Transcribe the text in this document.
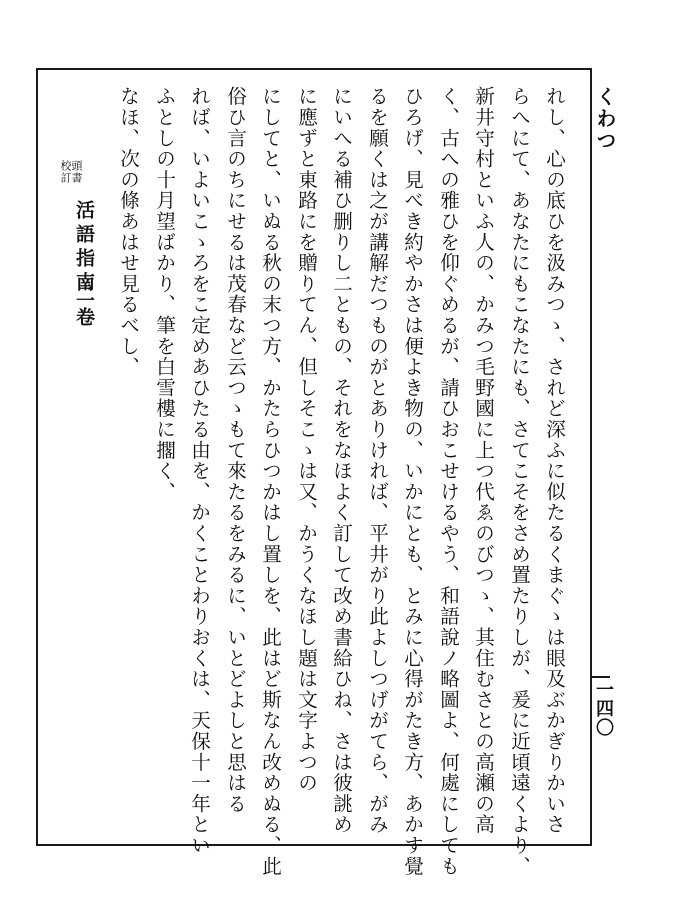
くわつ
一四〇
れし、心の底ひを汲みつゝ、されど深ふに似たるくまぐゝは眼及ぶかぎりかいさ
らへにて、あなたにもこなたにも、さてこそをさめ置たりしが、爰に近頃遠くより、
新井守村といふ人の、かみつ毛野國に上つ代ゑのびつゝ、其住むさとの高瀬の高
く、古への雅ひを仰ぐめるが、請ひおこせけるやう、和語說ノ略圖よ、何處にしても
ひろげ、見べき約やかさは便よき物の、いかにとも、とみに心得がたき方、あかす覺
るを願くは之が講解だつものがとありければ、平井がり此よしつげがてら、がみ
にいへる補ひ删りし二ともの、それをなほよく訂して改め書給ひね、さは彼誂め
に應ずと東路にを贈りてん、但しそこゝは又、かうくなほし題は文字よつの
にしてと、いぬる秋の末つ方、かたらひつかはし置しを、此はど斯なん改めぬる、此
俗ひ言のちにせるは茂春など云つゝもて來たるをみるに、いとどよしと思はる
れば、いよいこゝろをこ定めあひたる由を、かくことわりおくは、天保十一年とい
ふとしの十月望ばかり、筆を白雪樓に擱く、
なほ、次の條あはせ見るべし、
頭書
校訂
活語指南
二卷
